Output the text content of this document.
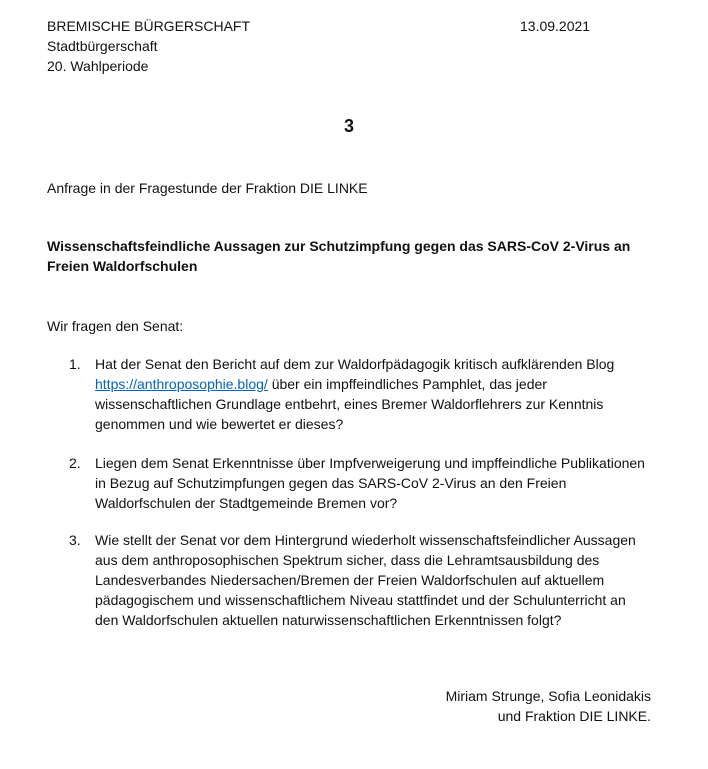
BREMISCHE BÜRGERSCHAFT
Stadtbürgerschaft
20. Wahlperiode
13.09.2021
3
Anfrage in der Fragestunde der Fraktion DIE LINKE
Wissenschaftsfeindliche Aussagen zur Schutzimpfung gegen das SARS-CoV 2-Virus an Freien Waldorfschulen
Wir fragen den Senat:
1. Hat der Senat den Bericht auf dem zur Waldorfpädagogik kritisch aufklärenden Blog https://anthroposophie.blog/ über ein impffeindliches Pamphlet, das jeder wissenschaftlichen Grundlage entbehrt, eines Bremer Waldorflehrers zur Kenntnis genommen und wie bewertet er dieses?
2. Liegen dem Senat Erkenntnisse über Impfverweigerung und impffeindliche Publikationen in Bezug auf Schutzimpfungen gegen das SARS-CoV 2-Virus an den Freien Waldorfschulen der Stadtgemeinde Bremen vor?
3. Wie stellt der Senat vor dem Hintergrund wiederholt wissenschaftsfeindlicher Aussagen aus dem anthroposophischen Spektrum sicher, dass die Lehramtsausbildung des Landesverbandes Niedersachen/Bremen der Freien Waldorfschulen auf aktuellem pädagogischem und wissenschaftlichem Niveau stattfindet und der Schulunterricht an den Waldorfschulen aktuellen naturwissenschaftlichen Erkenntnissen folgt?
Miriam Strunge, Sofia Leonidakis
und Fraktion DIE LINKE.
